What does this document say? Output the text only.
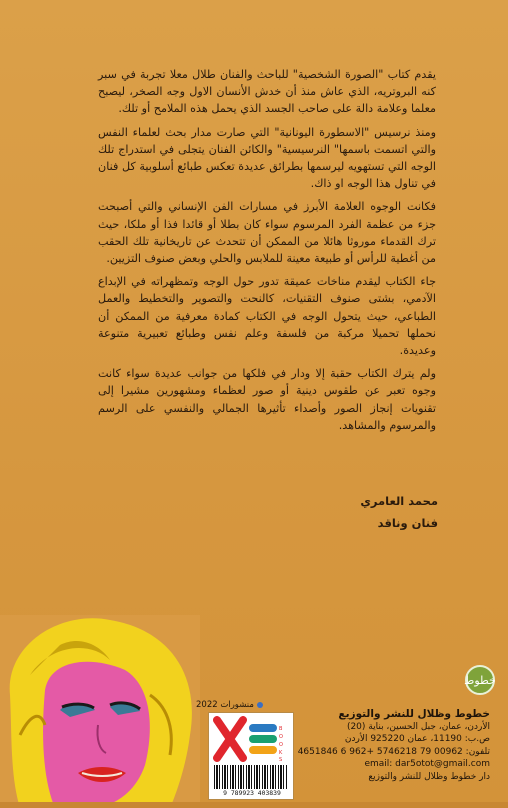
يقدم كتاب "الصورة الشخصية" للباحث والفنان طلال معلا تجربة في سبر كنه البروتريه، الذي عاش منذ أن خدش الأنسان الاول وجه الصخر، ليصبح معلما وعلامة دالة على صاحب الجسد الذي يحمل هذه الملامح أو تلك.

ومنذ نرسيس "الاسطورة اليونانية" التي صارت مدار بحث لعلماء النفس والتي اتسمت باسمها" النرسيسية" والكائن الفنان يتجلى في استدراج تلك الوجه التي تستهويه ليرسمها بطرائق عديدة تعكس طبائع أسلوبية كل فنان في تناول هذا الوجه او ذاك.

فكانت الوجوه العلامة الأبرز في مسارات الفن الإنساني والتي أصبحت جزء من عظمة الفرد المرسوم سواء كان بطلا أو قائدا فذا أو ملكا، حيث ترك القدماء موروثا هائلا من الممكن أن تتحدث عن تاريخانية تلك الحقب من أغطية للرأس أو طبيعة معينة للملابس والحلي وبعض صنوف التزيين.

جاء الكتاب ليقدم مناخات عميقة تدور حول الوجه وتمظهراته في الإبداع الآدمي، بشتى صنوف التقنيات، كالنحت والتصوير والتخطيط والعمل الطباعي، حيث يتحول الوجه في الكتاب كمادة معرفية من الممكن أن نحملها تحميلا مركبة من فلسفة وعلم نفس وطبائع تعبيرية متنوعة وعديدة.

ولم يترك الكتاب حقبة إلا ودار في فلكها من جوانب عديدة سواء كانت وجوه تعبر عن طقوس دينية أو صور لعظماء ومشهورين مشيرا إلى تقنويات إنجاز الصور وأصداء تأثيرها الجمالي والنفسي على الرسم والمرسوم والمشاهد.

محمد العامري
فنان وناقد
منشورات 2022
خطوط
B
O
O
K
S
9 789923 403839
خطوط وظلال للنشر والتوزيع
الأردن، عمان، جبل الحسين، بناية (20)
ص.ب: 11190، عمان 925220 الأردن
تلفون: 00962 79 5746218 +962 6 4651846
email: dar5otot@gmail.com
دار خطوط وظلال للنشر والتوزيع
